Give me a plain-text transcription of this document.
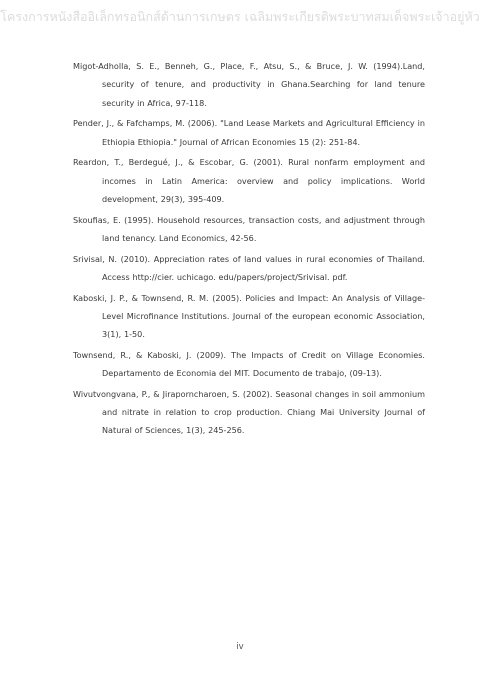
โครงการหนังสืออิเล็กทรอนิกส์ด้านการเกษตร เฉลิมพระเกียรติพระบาทสมเด็จพระเจ้าอยู่หัว

Migot-Adholla, S. E., Benneh, G., Place, F., Atsu, S., & Bruce, J. W. (1994).Land, security of tenure, and productivity in Ghana.Searching for land tenure security in Africa, 97-118.

Pender, J., & Fafchamps, M. (2006). "Land Lease Markets and Agricultural Efficiency in Ethiopia Ethiopia." Journal of African Economies 15 (2): 251-84.

Reardon, T., Berdegué, J., & Escobar, G. (2001). Rural nonfarm employment and incomes in Latin America: overview and policy implications. World development, 29(3), 395-409.

Skoufias, E. (1995). Household resources, transaction costs, and adjustment through land tenancy. Land Economics, 42-56.

Srivisal, N. (2010). Appreciation rates of land values in rural economies of Thailand. Access http://cier. uchicago. edu/papers/project/Srivisal. pdf.

Kaboski, J. P., & Townsend, R. M. (2005). Policies and Impact: An Analysis of Village‐Level Microfinance Institutions. Journal of the european economic Association, 3(1), 1-50.

Townsend, R., & Kaboski, J. (2009). The Impacts of Credit on Village Economies. Departamento de Economia del MIT. Documento de trabajo, (09-13).

Wivutvongvana, P., & Jiraporncharoen, S. (2002). Seasonal changes in soil ammonium and nitrate in relation to crop production. Chiang Mai University Journal of Natural of Sciences, 1(3), 245-256.

iv
